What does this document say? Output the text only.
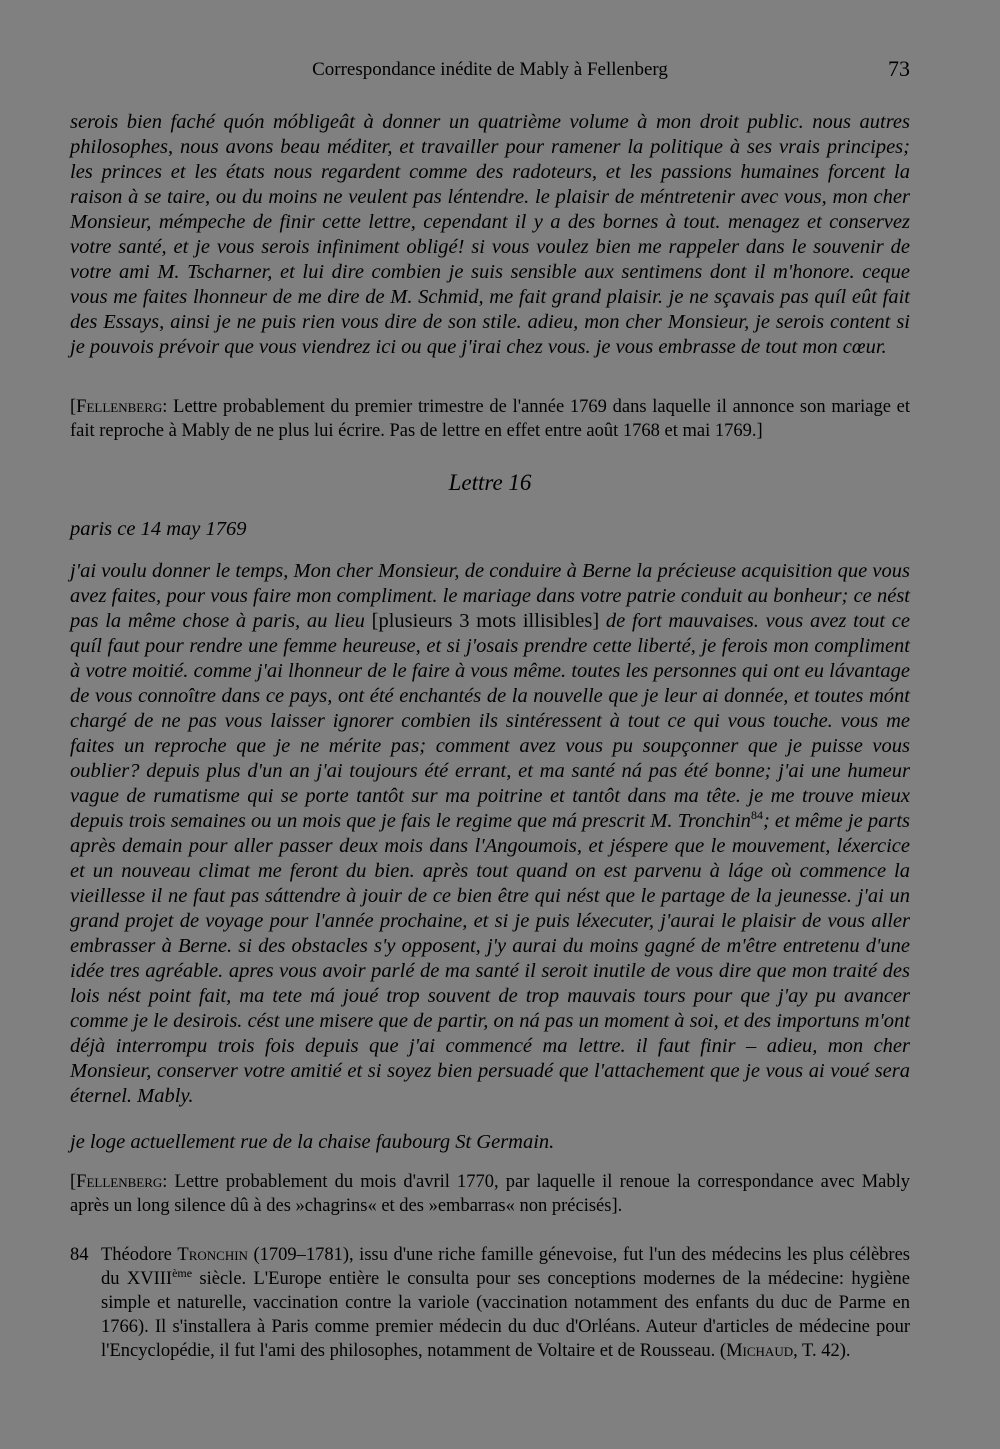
Correspondance inédite de Mably à Fellenberg	73

serois bien faché quón móbligeât à donner un quatrième volume à mon droit public. nous autres philosophes, nous avons beau méditer, et travailler pour ramener la politique à ses vrais principes; les princes et les états nous regardent comme des radoteurs, et les passions humaines forcent la raison à se taire, ou du moins ne veulent pas léntendre. le plaisir de méntretenir avec vous, mon cher Monsieur, mémpeche de finir cette lettre, cependant il y a des bornes à tout. menagez et conservez votre santé, et je vous serois infiniment obligé! si vous voulez bien me rappeler dans le souvenir de votre ami M. Tscharner, et lui dire combien je suis sensible aux sentimens dont il m'honore. ceque vous me faites lhonneur de me dire de M. Schmid, me fait grand plaisir. je ne sçavais pas quíl eût fait des Essays, ainsi je ne puis rien vous dire de son stile. adieu, mon cher Monsieur, je serois content si je pouvois prévoir que vous viendrez ici ou que j'irai chez vous. je vous embrasse de tout mon cœur.

[Fellenberg: Lettre probablement du premier trimestre de l'année 1769 dans laquelle il annonce son mariage et fait reproche à Mably de ne plus lui écrire. Pas de lettre en effet entre août 1768 et mai 1769.]

Lettre 16
paris ce 14 may 1769

j'ai voulu donner le temps, Mon cher Monsieur, de conduire à Berne la précieuse acquisition que vous avez faites, pour vous faire mon compliment. le mariage dans votre patrie conduit au bonheur; ce nést pas la même chose à paris, au lieu [plusieurs 3 mots illisibles] de fort mauvaises. vous avez tout ce quíl faut pour rendre une femme heureuse, et si j'osais prendre cette liberté, je ferois mon compliment à votre moitié. comme j'ai lhonneur de le faire à vous même. toutes les personnes qui ont eu lávantage de vous connoître dans ce pays, ont été enchantés de la nouvelle que je leur ai donnée, et toutes mónt chargé de ne pas vous laisser ignorer combien ils sintéressent à tout ce qui vous touche. vous me faites un reproche que je ne mérite pas; comment avez vous pu soupçonner que je puisse vous oublier? depuis plus d'un an j'ai toujours été errant, et ma santé ná pas été bonne; j'ai une humeur vague de rumatisme qui se porte tantôt sur ma poitrine et tantôt dans ma tête. je me trouve mieux depuis trois semaines ou un mois que je fais le regime que má prescrit M. Tronchin$^{84}$; et même je parts après demain pour aller passer deux mois dans l'Angoumois, et jéspere que le mouvement, léxercice et un nouveau climat me feront du bien. après tout quand on est parvenu à láge où commence la vieillesse il ne faut pas sáttendre à jouir de ce bien être qui nést que le partage de la jeunesse. j'ai un grand projet de voyage pour l'année prochaine, et si je puis léxecuter, j'aurai le plaisir de vous aller embrasser à Berne. si des obstacles s'y opposent, j'y aurai du moins gagné de m'être entretenu d'une idée tres agréable. apres vous avoir parlé de ma santé il seroit inutile de vous dire que mon traité des lois nést point fait, ma tete má joué trop souvent de trop mauvais tours pour que j'ay pu avancer comme je le desirois. cést une misere que de partir, on ná pas un moment à soi, et des importuns m'ont déjà interrompu trois fois depuis que j'ai commencé ma lettre. il faut finir – adieu, mon cher Monsieur, conserver votre amitié et si soyez bien persuadé que l'attachement que je vous ai voué sera éternel. Mably.

je loge actuellement rue de la chaise faubourg St Germain.

[Fellenberg: Lettre probablement du mois d'avril 1770, par laquelle il renoue la correspondance avec Mably après un long silence dû à des »chagrins« et des »embarras« non précisés].

84 Théodore Tronchin (1709–1781), issu d'une riche famille génevoise, fut l'un des médecins les plus célèbres du XVIIIème siècle. L'Europe entière le consulta pour ses conceptions modernes de la médecine: hygiène simple et naturelle, vaccination contre la variole (vaccination notamment des enfants du duc de Parme en 1766). Il s'installera à Paris comme premier médecin du duc d'Orléans. Auteur d'articles de médecine pour l'Encyclopédie, il fut l'ami des philosophes, notamment de Voltaire et de Rousseau. (Michaud, T. 42).
